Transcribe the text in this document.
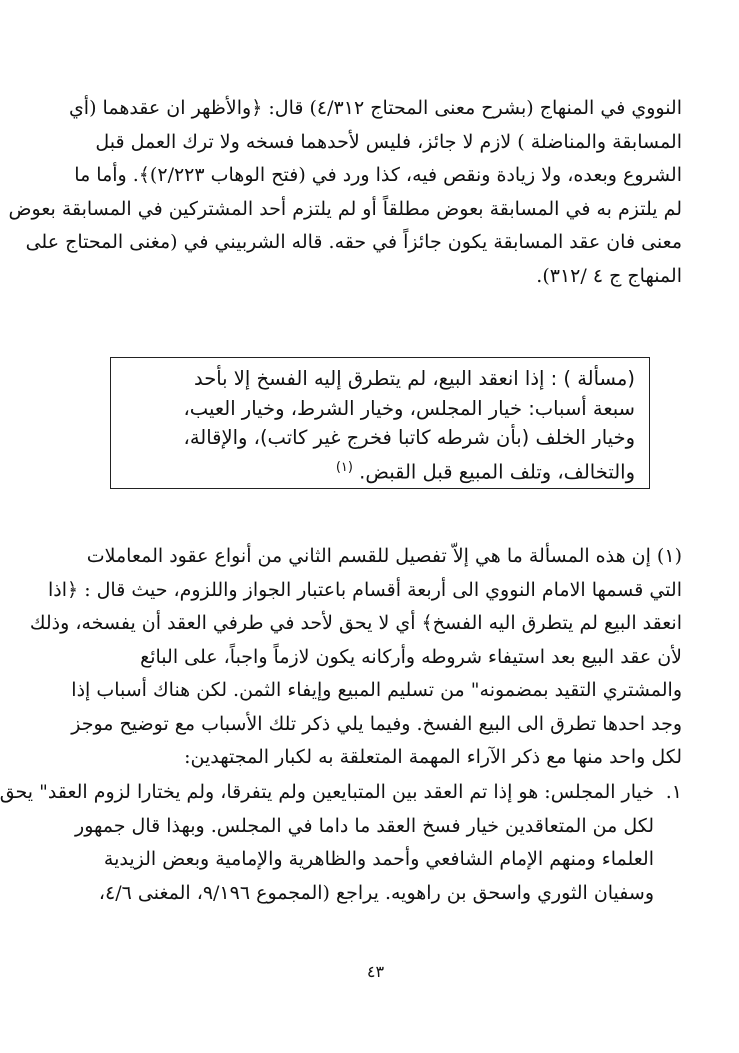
النووي في المنهاج (بشرح معنى المحتاج ٤/٣١٢) قال: ﴿والأظهر ان عقدهما (أي
المسابقة والمناضلة ) لازم لا جائز، فليس لأحدهما فسخه ولا ترك العمل قبل
الشروع وبعده، ولا زيادة ونقص فيه، كذا ورد في (فتح الوهاب ٢/٢٢٣)﴾. وأما ما
لم يلتزم به في المسابقة بعوض مطلقاً أو لم يلتزم أحد المشتركين في المسابقة بعوض
معنى فان عقد المسابقة يكون جائزاً في حقه. قاله الشربيني في (مغنى المحتاج على
المنهاج ج ٤ /٣١٢).
(مسألة ) : إذا انعقد البيع، لم يتطرق إليه الفسخ إلا بأحد
سبعة أسباب: خيار المجلس، وخيار الشرط، وخيار العيب،
وخيار الخلف (بأن شرطه كاتبا فخرج غير كاتب)، والإقالة،
والتخالف، وتلف المبيع قبل القبض. $^{(١)}$
(١) إن هذه المسألة ما هي إلاّ تفصيل للقسم الثاني من أنواع عقود المعاملات
التي قسمها الامام النووي الى أربعة أقسام باعتبار الجواز واللزوم، حيث قال : ﴿اذا
انعقد البيع لم يتطرق اليه الفسخ﴾ أي لا يحق لأحد في طرفي العقد أن يفسخه، وذلك
لأن عقد البيع بعد استيفاء شروطه وأركانه يكون لازماً واجباً، على البائع
والمشتري التقيد بمضمونه" من تسليم المبيع وإيفاء الثمن. لكن هناك أسباب إذا
وجد احدها تطرق الى البيع الفسخ. وفيما يلي ذكر تلك الأسباب مع توضيح موجز
لكل واحد منها مع ذكر الآراء المهمة المتعلقة به لكبار المجتهدين:
١.
خيار المجلس: هو إذا تم العقد بين المتبايعين ولم يتفرقا، ولم يختارا لزوم العقد" يحق
لكل من المتعاقدين خيار فسخ العقد ما داما في المجلس. وبهذا قال جمهور
العلماء ومنهم الإمام الشافعي وأحمد والظاهرية والإمامية وبعض الزيدية
وسفيان الثوري واسحق بن راهويه. يراجع (المجموع ٩/١٩٦، المغنى ٤/٦،
٤٣
